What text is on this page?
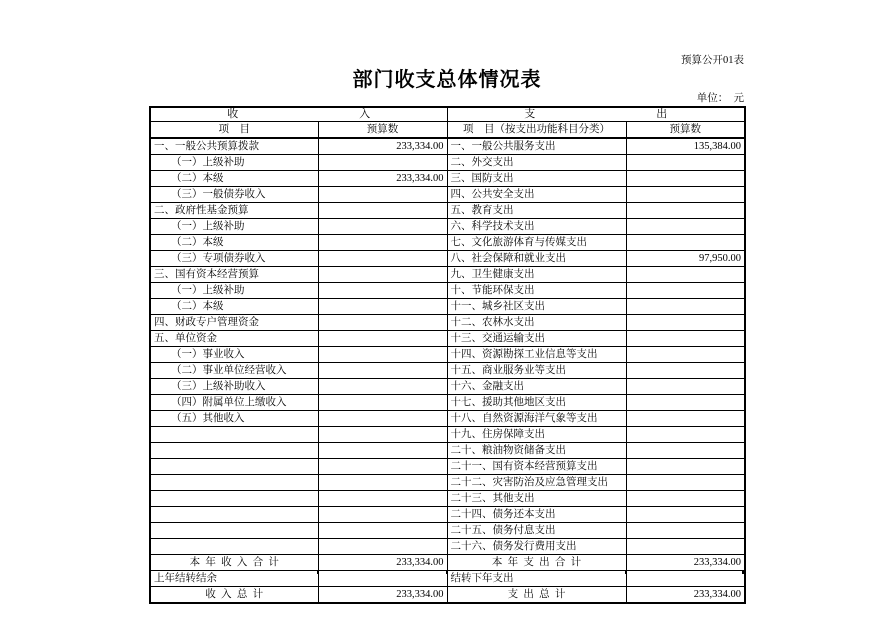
预算公开01表
部门收支总体情况表
单位：　元
收　　　　　　　　　　　入		支　　　　　　　　　　　出	
项　目	预算数	项　目（按支出功能科目分类）	预算数
一、一般公共预算拨款	233,334.00	一、一般公共服务支出	135,384.00
（一）上级补助		二、外交支出	
（二）本级	233,334.00	三、国防支出	
（三）一般债券收入		四、公共安全支出	
二、政府性基金预算		五、教育支出	
（一）上级补助		六、科学技术支出	
（二）本级		七、文化旅游体育与传媒支出	
（三）专项债券收入		八、社会保障和就业支出	97,950.00
三、国有资本经营预算		九、卫生健康支出	
（一）上级补助		十、节能环保支出	
（二）本级		十一、城乡社区支出	
四、财政专户管理资金		十二、农林水支出	
五、单位资金		十三、交通运输支出	
（一）事业收入		十四、资源勘探工业信息等支出	
（二）事业单位经营收入		十五、商业服务业等支出	
（三）上级补助收入		十六、金融支出	
（四）附属单位上缴收入		十七、援助其他地区支出	
（五）其他收入		十八、自然资源海洋气象等支出	
		十九、住房保障支出	
		二十、粮油物资储备支出	
		二十一、国有资本经营预算支出	
		二十二、灾害防治及应急管理支出	
		二十三、其他支出	
		二十四、债务还本支出	
		二十五、债务付息支出	
		二十六、债务发行费用支出	
本  年  收  入  合  计	233,334.00	本  年  支  出  合  计	233,334.00
上年结转结余		结转下年支出	
收  入  总  计	233,334.00	支  出  总  计	233,334.00
